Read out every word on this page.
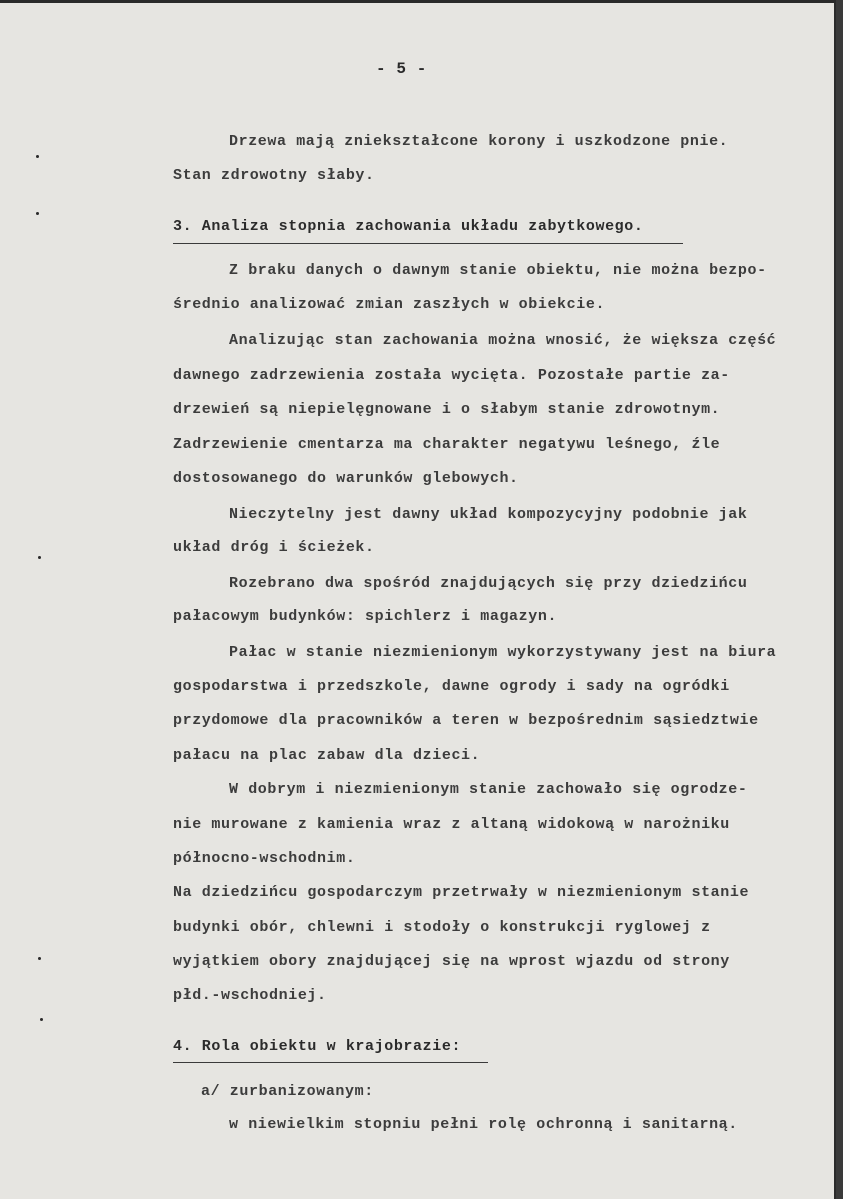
- 5 -
Drzewa mają zniekształcone korony i uszkodzone pnie.
Stan zdrowotny słaby.
3. Analiza stopnia zachowania układu zabytkowego.
Z braku danych o dawnym stanie obiektu, nie można bezpo-
średnio analizować zmian zaszłych w obiekcie.
Analizując stan zachowania można wnosić, że większa część
dawnego zadrzewienia została wycięta. Pozostałe partie za-
drzewień są niepielęgnowane i o słabym stanie zdrowotnym.
Zadrzewienie cmentarza ma charakter negatywu leśnego, źle
dostosowanego do warunków glebowych.
Nieczytelny jest dawny układ kompozycyjny podobnie jak
układ dróg i ścieżek.
Rozebrano dwa spośród znajdujących się przy dziedzińcu
pałacowym budynków: spichlerz i magazyn.
Pałac w stanie niezmienionym wykorzystywany jest na biura
gospodarstwa i przedszkole, dawne ogrody i sady na ogródki
przydomowe dla pracowników a teren w bezpośrednim sąsiedztwie
pałacu na plac zabaw dla dzieci.
W dobrym i niezmienionym stanie zachowało się ogrodze-
nie murowane z kamienia wraz z altaną widokową w narożniku
północno-wschodnim.
Na dziedzińcu gospodarczym przetrwały w niezmienionym stanie
budynki obór, chlewni i stodoły o konstrukcji ryglowej z
wyjątkiem obory znajdującej się na wprost wjazdu od strony
płd.-wschodniej.
4. Rola obiektu w krajobrazie:
a/ zurbanizowanym:
w niewielkim stopniu pełni rolę ochronną i sanitarną.
